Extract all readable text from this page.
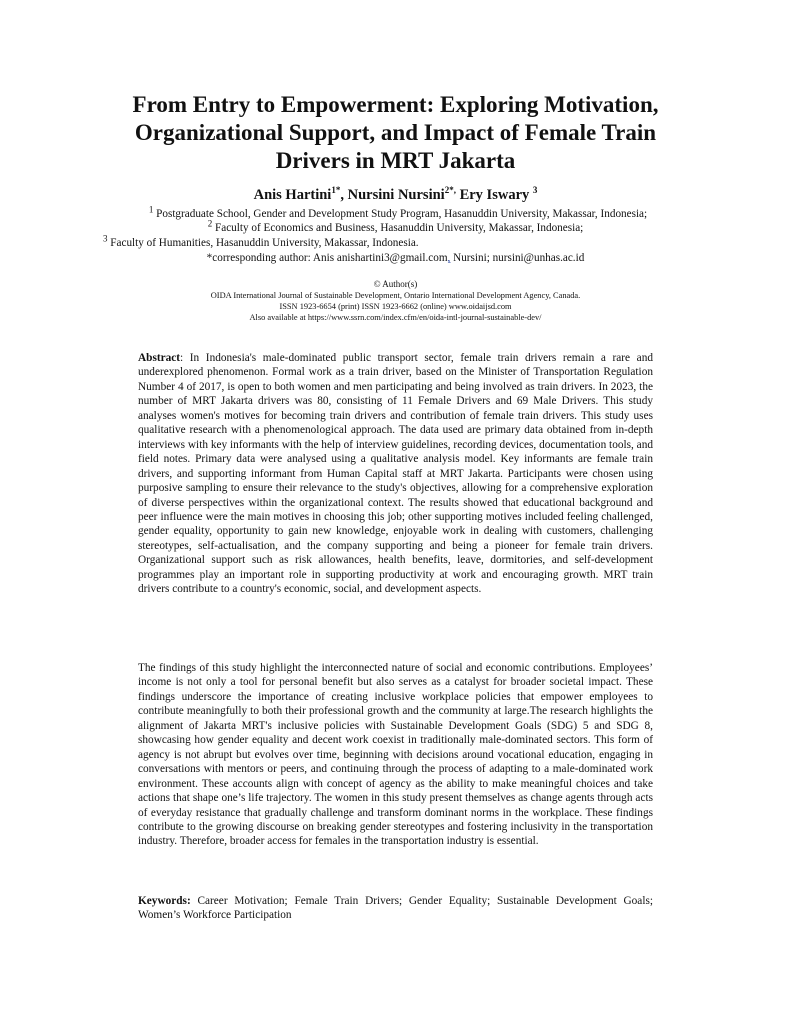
From Entry to Empowerment: Exploring Motivation,
Organizational Support, and Impact of Female Train
Drivers in MRT Jakarta
Anis Hartini$^{1*}$, Nursini Nursini$^{2*,}$ Ery Iswary $^3$
$^1$ Postgraduate School, Gender and Development Study Program, Hasanuddin University, Makassar, Indonesia;
$^2$ Faculty of Economics and Business, Hasanuddin University, Makassar, Indonesia;
$^3$ Faculty of Humanities, Hasanuddin University, Makassar, Indonesia.
*corresponding author: Anis anishartini3@gmail.com, Nursini; nursini@unhas.ac.id
© Author(s)
OIDA International Journal of Sustainable Development, Ontario International Development Agency, Canada.
ISSN 1923-6654 (print) ISSN 1923-6662 (online) www.oidaijsd.com
Also available at https://www.ssrn.com/index.cfm/en/oida-intl-journal-sustainable-dev/

Abstract: In Indonesia's male-dominated public transport sector, female train drivers remain a rare and underexplored phenomenon. Formal work as a train driver, based on the Minister of Transportation Regulation Number 4 of 2017, is open to both women and men participating and being involved as train drivers. In 2023, the number of MRT Jakarta drivers was 80, consisting of 11 Female Drivers and 69 Male Drivers. This study analyses women's motives for becoming train drivers and contribution of female train drivers. This study uses qualitative research with a phenomenological approach. The data used are primary data obtained from in-depth interviews with key informants with the help of interview guidelines, recording devices, documentation tools, and field notes. Primary data were analysed using a qualitative analysis model. Key informants are female train drivers, and supporting informant from Human Capital staff at MRT Jakarta. Participants were chosen using purposive sampling to ensure their relevance to the study's objectives, allowing for a comprehensive exploration of diverse perspectives within the organizational context. The results showed that educational background and peer influence were the main motives in choosing this job; other supporting motives included feeling challenged, gender equality, opportunity to gain new knowledge, enjoyable work in dealing with customers, challenging stereotypes, self-actualisation, and the company supporting and being a pioneer for female train drivers. Organizational support such as risk allowances, health benefits, leave, dormitories, and self-development programmes play an important role in supporting productivity at work and encouraging growth. MRT train drivers contribute to a country's economic, social, and development aspects.

The findings of this study highlight the interconnected nature of social and economic contributions. Employees’ income is not only a tool for personal benefit but also serves as a catalyst for broader societal impact. These findings underscore the importance of creating inclusive workplace policies that empower employees to contribute meaningfully to both their professional growth and the community at large.The research highlights the alignment of Jakarta MRT's inclusive policies with Sustainable Development Goals (SDG) 5 and SDG 8, showcasing how gender equality and decent work coexist in traditionally male-dominated sectors. This form of agency is not abrupt but evolves over time, beginning with decisions around vocational education, engaging in conversations with mentors or peers, and continuing through the process of adapting to a male-dominated work environment. These accounts align with concept of agency as the ability to make meaningful choices and take actions that shape one’s life trajectory. The women in this study present themselves as change agents through acts of everyday resistance that gradually challenge and transform dominant norms in the workplace. These findings contribute to the growing discourse on breaking gender stereotypes and fostering inclusivity in the transportation industry. Therefore, broader access for females in the transportation industry is essential.

Keywords: Career Motivation; Female Train Drivers; Gender Equality; Sustainable Development Goals; Women’s Workforce Participation
